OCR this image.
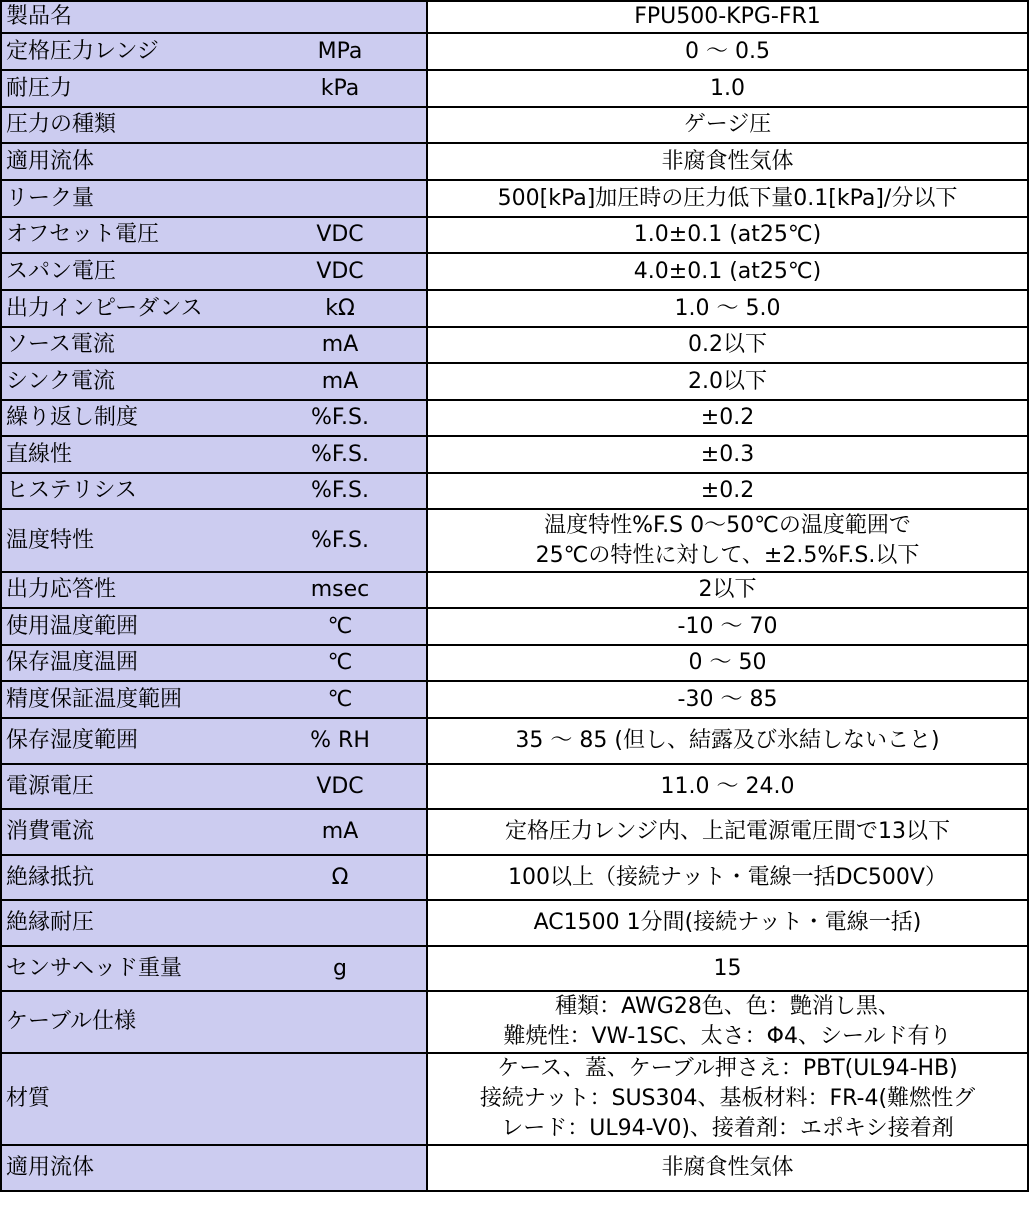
製品名	FPU500-KPG-FR1

定格圧力レンジ MPa	0 ～ 0.5

耐圧力 kPa	1.0

圧力の種類	ゲージ圧

適用流体	非腐食性気体

リーク量	500[kPa]加圧時の圧力低下量0.1[kPa]/分以下

オフセット電圧 VDC	1.0±0.1 (at25℃)

スパン電圧 VDC	4.0±0.1 (at25℃)

出力インピーダンス kΩ	1.0 ～ 5.0

ソース電流 mA	0.2以下

シンク電流 mA	2.0以下

繰り返し制度 %F.S.	±0.2

直線性 %F.S.	±0.3

ヒステリシス %F.S.	±0.2

温度特性 %F.S.	温度特性%F.S 0～50℃の温度範囲で
25℃の特性に対して、±2.5%F.S.以下

出力応答性 msec	2以下

使用温度範囲 ℃	-10 ～ 70

保存温度温囲 ℃	0 ～ 50

精度保証温度範囲 ℃	-30 ～ 85

保存湿度範囲 % RH	35 ～ 85 (但し、結露及び氷結しないこと)

電源電圧 VDC	11.0 ～ 24.0

消費電流 mA	定格圧力レンジ内、上記電源電圧間で13以下

絶縁抵抗 Ω	100以上（接続ナット・電線一括DC500V）

絶縁耐圧	AC1500 1分間(接続ナット・電線一括)

センサヘッド重量 g	15

ケーブル仕様	種類：AWG28色、色：艶消し黒、
難焼性：VW-1SC、太さ：Φ4、シールド有り

材質	ケース、蓋、ケーブル押さえ：PBT(UL94-HB)
接続ナット：SUS304、基板材料：FR-4(難燃性グ
レード：UL94-V0)、接着剤：エポキシ接着剤

適用流体	非腐食性気体
